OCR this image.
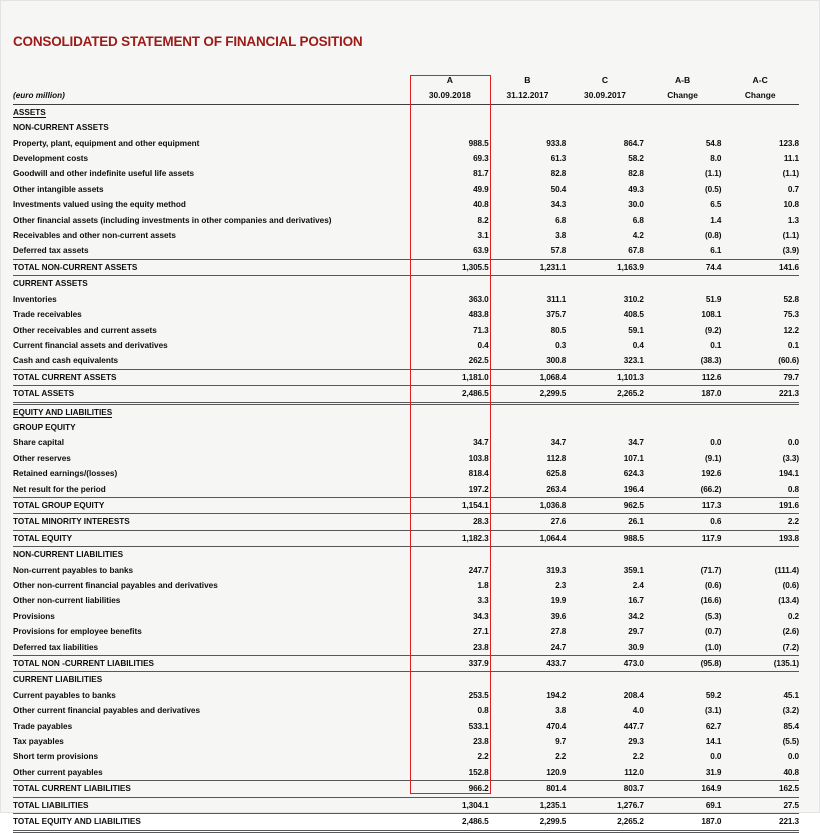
CONSOLIDATED STATEMENT OF FINANCIAL POSITION
	A	B	C	A-B	A-C
(euro million)	30.09.2018	31.12.2017	30.09.2017	Change	Change
ASSETS					
NON-CURRENT ASSETS					
Property, plant, equipment and other equipment	988.5	933.8	864.7	54.8	123.8
Development costs	69.3	61.3	58.2	8.0	11.1
Goodwill and other indefinite useful life assets	81.7	82.8	82.8	(1.1)	(1.1)
Other intangible assets	49.9	50.4	49.3	(0.5)	0.7
Investments valued using the equity method	40.8	34.3	30.0	6.5	10.8
Other financial assets (including investments in other companies and derivatives)	8.2	6.8	6.8	1.4	1.3
Receivables and other non-current assets	3.1	3.8	4.2	(0.8)	(1.1)
Deferred tax assets	63.9	57.8	67.8	6.1	(3.9)
TOTAL NON-CURRENT ASSETS	1,305.5	1,231.1	1,163.9	74.4	141.6
CURRENT ASSETS					
Inventories	363.0	311.1	310.2	51.9	52.8
Trade receivables	483.8	375.7	408.5	108.1	75.3
Other receivables and current assets	71.3	80.5	59.1	(9.2)	12.2
Current financial assets and derivatives	0.4	0.3	0.4	0.1	0.1
Cash and cash equivalents	262.5	300.8	323.1	(38.3)	(60.6)
TOTAL CURRENT ASSETS	1,181.0	1,068.4	1,101.3	112.6	79.7
TOTAL ASSETS	2,486.5	2,299.5	2,265.2	187.0	221.3
EQUITY AND LIABILITIES					
GROUP EQUITY					
Share capital	34.7	34.7	34.7	0.0	0.0
Other reserves	103.8	112.8	107.1	(9.1)	(3.3)
Retained earnings/(losses)	818.4	625.8	624.3	192.6	194.1
Net result for the period	197.2	263.4	196.4	(66.2)	0.8
TOTAL GROUP EQUITY	1,154.1	1,036.8	962.5	117.3	191.6
TOTAL MINORITY INTERESTS	28.3	27.6	26.1	0.6	2.2
TOTAL EQUITY	1,182.3	1,064.4	988.5	117.9	193.8
NON-CURRENT LIABILITIES					
Non-current payables to banks	247.7	319.3	359.1	(71.7)	(111.4)
Other non-current financial payables and derivatives	1.8	2.3	2.4	(0.6)	(0.6)
Other non-current liabilities	3.3	19.9	16.7	(16.6)	(13.4)
Provisions	34.3	39.6	34.2	(5.3)	0.2
Provisions for employee benefits	27.1	27.8	29.7	(0.7)	(2.6)
Deferred tax liabilities	23.8	24.7	30.9	(1.0)	(7.2)
TOTAL NON -CURRENT LIABILITIES	337.9	433.7	473.0	(95.8)	(135.1)
CURRENT LIABILITIES					
Current payables to banks	253.5	194.2	208.4	59.2	45.1
Other current financial payables and derivatives	0.8	3.8	4.0	(3.1)	(3.2)
Trade payables	533.1	470.4	447.7	62.7	85.4
Tax payables	23.8	9.7	29.3	14.1	(5.5)
Short term provisions	2.2	2.2	2.2	0.0	0.0
Other current payables	152.8	120.9	112.0	31.9	40.8
TOTAL CURRENT LIABILITIES	966.2	801.4	803.7	164.9	162.5
TOTAL LIABILITIES	1,304.1	1,235.1	1,276.7	69.1	27.5
TOTAL EQUITY AND LIABILITIES	2,486.5	2,299.5	2,265.2	187.0	221.3
